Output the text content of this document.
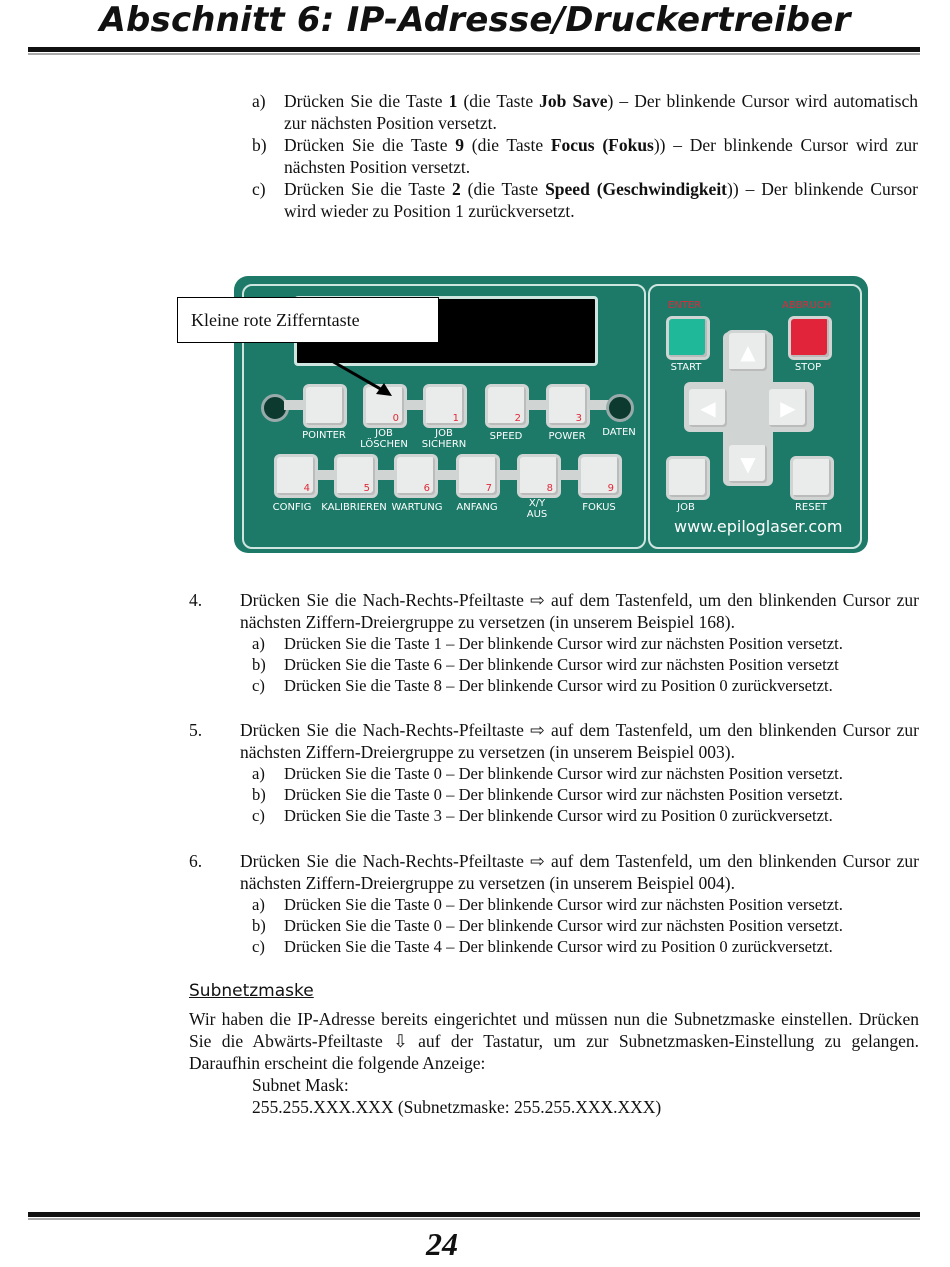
Abschnitt 6: IP-Adresse/Druckertreiber
a) Drücken Sie die Taste 1 (die Taste Job Save) – Der blinkende Cursor wird automatisch zur nächsten Position versetzt.
b) Drücken Sie die Taste 9 (die Taste Focus (Fokus)) – Der blinkende Cursor wird zur nächsten Position versetzt.
c) Drücken Sie die Taste 2 (die Taste Speed (Geschwindigkeit)) – Der blinkende Cursor wird wieder zu Position 1 zurückversetzt.
0	1	2	3
POINTER	JOB
LÖSCHEN
JOB
SICHERN
SPEED	POWER	DATEN
4	5	6	7	8	9
CONFIG KALIBRIEREN WARTUNG	ANFANG	X/Y
AUS
FOKUS
ENTER	ABBRUCH
START	STOP
▲
◀	▶
▼
JOB	RESET
www.epiloglaser.com
Kleine rote Zifferntaste
4. Drücken Sie die Nach-Rechts-Pfeiltaste ⇨ auf dem Tastenfeld, um den blinkenden Cursor zur nächsten Ziffern-Dreiergruppe zu versetzen (in unserem Beispiel 168).
a) Drücken Sie die Taste 1 – Der blinkende Cursor wird zur nächsten Position versetzt.
b) Drücken Sie die Taste 6 – Der blinkende Cursor wird zur nächsten Position versetzt
c) Drücken Sie die Taste 8 – Der blinkende Cursor wird zu Position 0 zurückversetzt.
5. Drücken Sie die Nach-Rechts-Pfeiltaste ⇨ auf dem Tastenfeld, um den blinkenden Cursor zur nächsten Ziffern-Dreiergruppe zu versetzen (in unserem Beispiel 003).
a) Drücken Sie die Taste 0 – Der blinkende Cursor wird zur nächsten Position versetzt.
b) Drücken Sie die Taste 0 – Der blinkende Cursor wird zur nächsten Position versetzt.
c) Drücken Sie die Taste 3 – Der blinkende Cursor wird zu Position 0 zurückversetzt.
6. Drücken Sie die Nach-Rechts-Pfeiltaste ⇨ auf dem Tastenfeld, um den blinkenden Cursor zur nächsten Ziffern-Dreiergruppe zu versetzen (in unserem Beispiel 004).
a) Drücken Sie die Taste 0 – Der blinkende Cursor wird zur nächsten Position versetzt.
b) Drücken Sie die Taste 0 – Der blinkende Cursor wird zur nächsten Position versetzt.
c) Drücken Sie die Taste 4 – Der blinkende Cursor wird zu Position 0 zurückversetzt.
Subnetzmaske
Wir haben die IP-Adresse bereits eingerichtet und müssen nun die Subnetzmaske einstellen. Drücken Sie die Abwärts-Pfeiltaste ⇩ auf der Tastatur, um zur Subnetzmasken-Einstellung zu gelangen. Daraufhin erscheint die folgende Anzeige:
Subnet Mask:
255.255.XXX.XXX (Subnetzmaske: 255.255.XXX.XXX)
24
